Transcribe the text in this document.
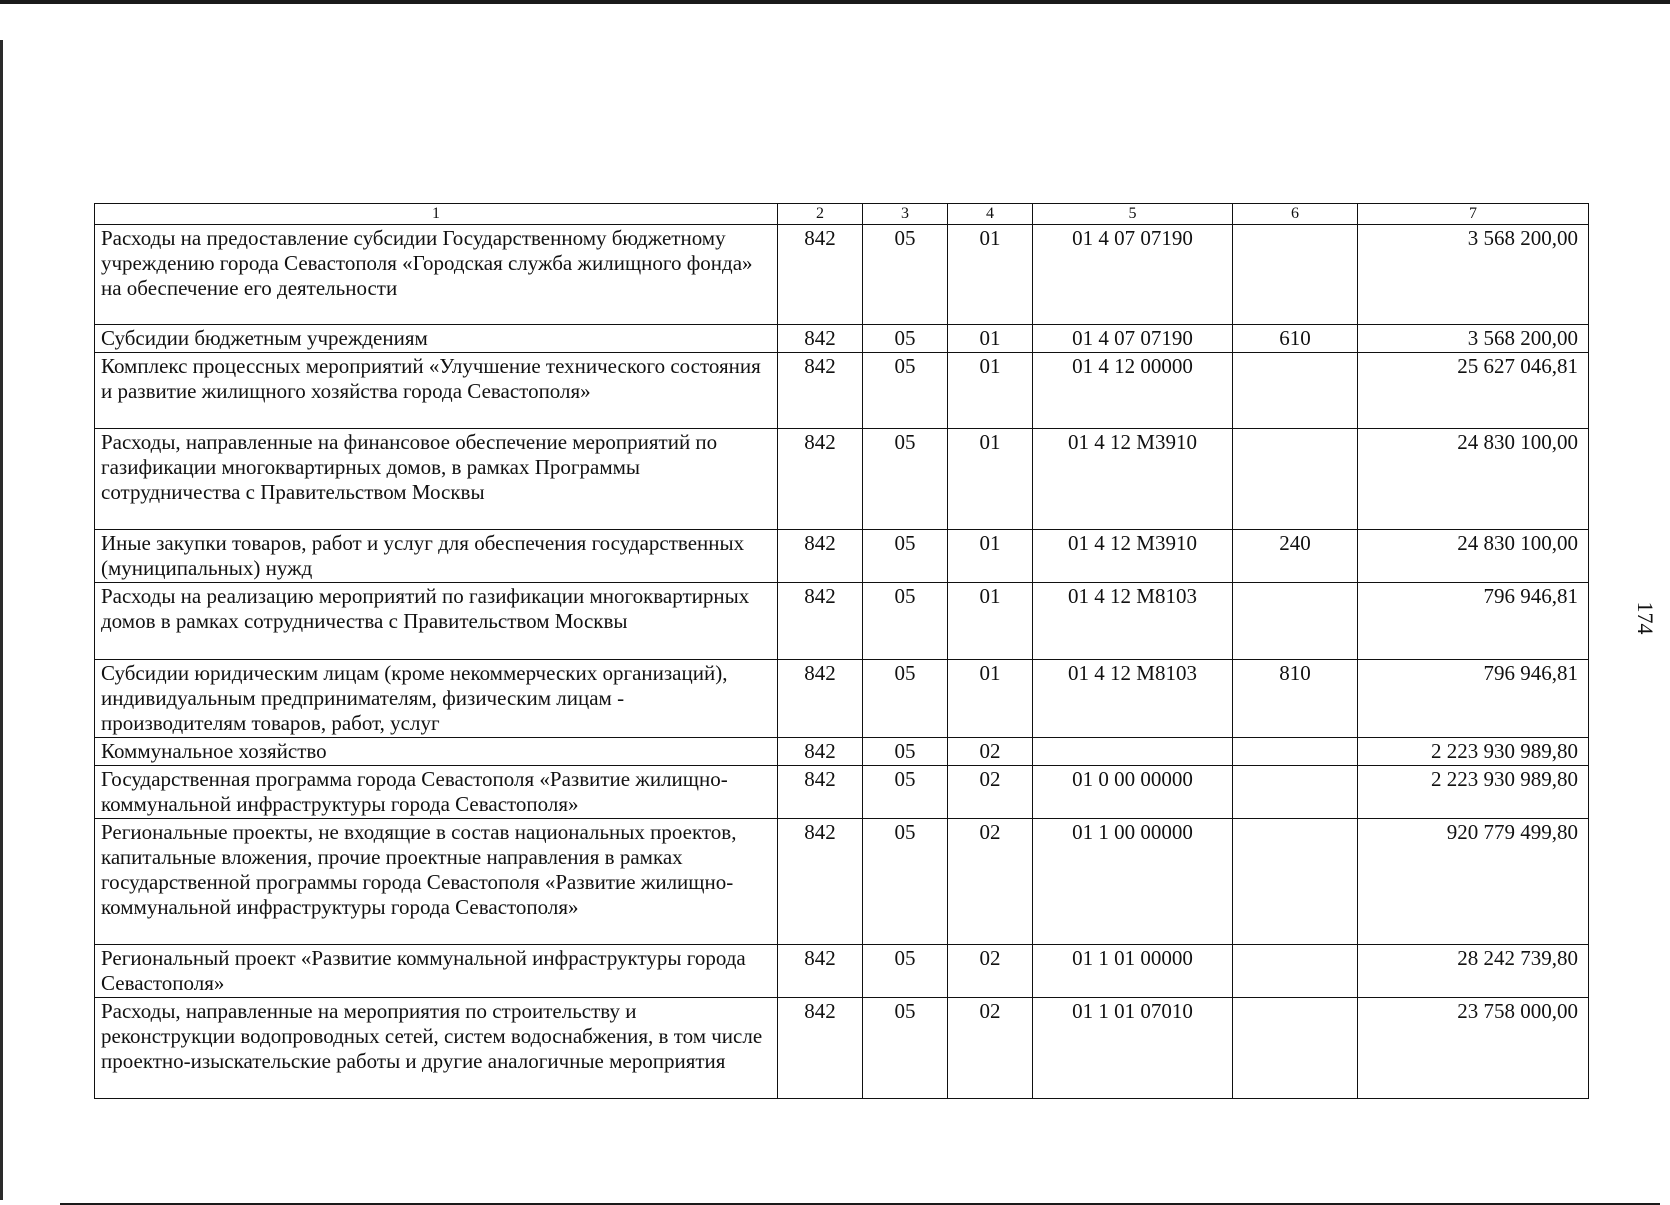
174
1	2	3	4	5	6	7
Расходы на предоставление субсидии Государственному бюджетному учреждению города Севастополя «Городская служба жилищного фонда» на обеспечение его деятельности	842	05	01	01 4 07 07190		3 568 200,00
Субсидии бюджетным учреждениям	842	05	01	01 4 07 07190	610	3 568 200,00
Комплекс процессных мероприятий «Улучшение технического состояния и развитие жилищного хозяйства города Севастополя»	842	05	01	01 4 12 00000		25 627 046,81
Расходы, направленные на финансовое обеспечение мероприятий по газификации многоквартирных домов, в рамках Программы сотрудничества с Правительством Москвы	842	05	01	01 4 12 М3910		24 830 100,00
Иные закупки товаров, работ и услуг для обеспечения государственных (муниципальных) нужд	842	05	01	01 4 12 М3910	240	24 830 100,00
Расходы на реализацию мероприятий по газификации многоквартирных домов в рамках сотрудничества с Правительством Москвы	842	05	01	01 4 12 М8103		796 946,81
Субсидии юридическим лицам (кроме некоммерческих организаций), индивидуальным предпринимателям, физическим лицам - производителям товаров, работ, услуг	842	05	01	01 4 12 М8103	810	796 946,81
Коммунальное хозяйство	842	05	02			2 223 930 989,80
Государственная программа города Севастополя «Развитие жилищно-коммунальной инфраструктуры города Севастополя»	842	05	02	01 0 00 00000		2 223 930 989,80
Региональные проекты, не входящие в состав национальных проектов, капитальные вложения, прочие проектные направления в рамках государственной программы города Севастополя «Развитие жилищно-коммунальной инфраструктуры города Севастополя»	842	05	02	01 1 00 00000		920 779 499,80
Региональный проект «Развитие коммунальной инфраструктуры города Севастополя»	842	05	02	01 1 01 00000		28 242 739,80
Расходы, направленные на мероприятия по строительству и реконструкции водопроводных сетей, систем водоснабжения, в том числе проектно-изыскательские работы и другие аналогичные мероприятия	842	05	02	01 1 01 07010		23 758 000,00
